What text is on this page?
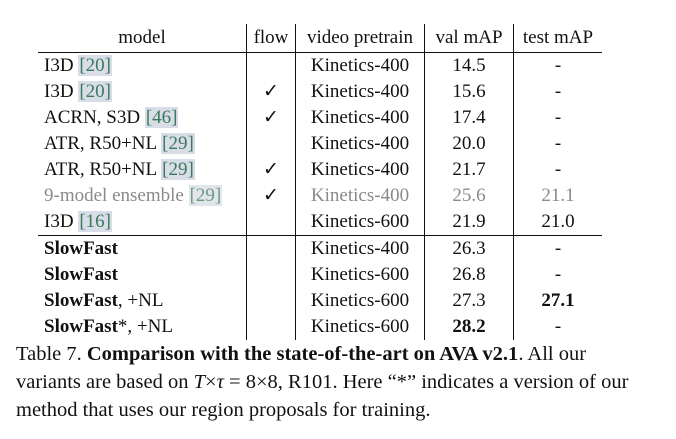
model	flow	video pretrain	val mAP	test mAP
I3D [20]		Kinetics-400	14.5	-
I3D [20]	✓	Kinetics-400	15.6	-
ACRN, S3D [46]	✓	Kinetics-400	17.4	-
ATR, R50+NL [29]		Kinetics-400	20.0	-
ATR, R50+NL [29]	✓	Kinetics-400	21.7	-
9-model ensemble [29]	✓	Kinetics-400	25.6	21.1
I3D [16]		Kinetics-600	21.9	21.0
SlowFast		Kinetics-400	26.3	-
SlowFast		Kinetics-600	26.8	-
SlowFast, +NL		Kinetics-600	27.3	27.1
SlowFast*, +NL		Kinetics-600	28.2	-
Table 7. Comparison with the state-of-the-art on AVA v2.1. All our variants are based on T×τ = 8×8, R101. Here “*” indicates a version of our method that uses our region proposals for training.
